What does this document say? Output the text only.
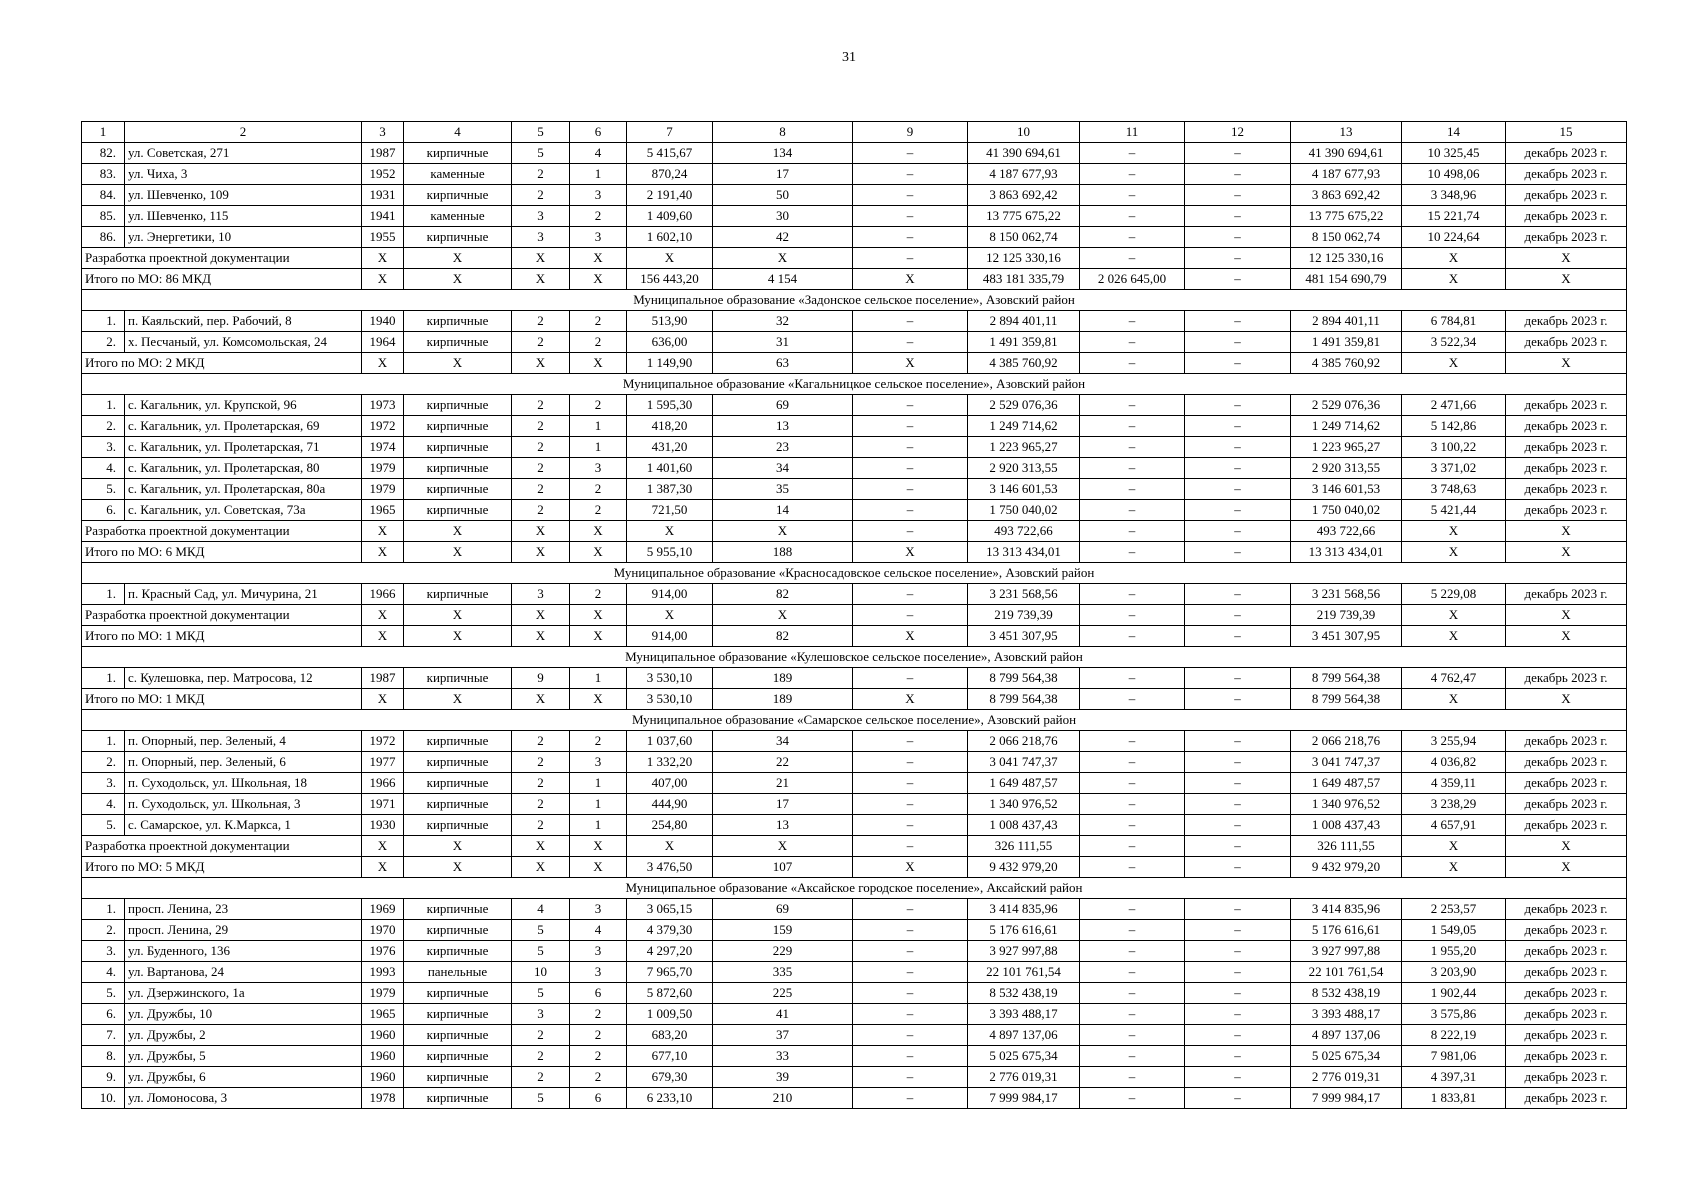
31
1	2	3	4	5	6	7	8	9	10	11	12	13	14	15
82.	ул. Советская, 271	1987	кирпичные	5	4	5 415,67	134	–	41 390 694,61	–	–	41 390 694,61	10 325,45	декабрь 2023 г.
83.	ул. Чиха, 3	1952	каменные	2	1	870,24	17	–	4 187 677,93	–	–	4 187 677,93	10 498,06	декабрь 2023 г.
84.	ул. Шевченко, 109	1931	кирпичные	2	3	2 191,40	50	–	3 863 692,42	–	–	3 863 692,42	3 348,96	декабрь 2023 г.
85.	ул. Шевченко, 115	1941	каменные	3	2	1 409,60	30	–	13 775 675,22	–	–	13 775 675,22	15 221,74	декабрь 2023 г.
86.	ул. Энергетики, 10	1955	кирпичные	3	3	1 602,10	42	–	8 150 062,74	–	–	8 150 062,74	10 224,64	декабрь 2023 г.
Разработка проектной документации		Х	Х	Х	Х	Х	Х	–	12 125 330,16	–	–	12 125 330,16	Х	Х
Итого по МО: 86 МКД		Х	Х	Х	Х	156 443,20	4 154	Х	483 181 335,79	2 026 645,00	–	481 154 690,79	Х	Х
Муниципальное образование «Задонское сельское поселение», Азовский район														
1.	п. Каяльский, пер. Рабочий, 8	1940	кирпичные	2	2	513,90	32	–	2 894 401,11	–	–	2 894 401,11	6 784,81	декабрь 2023 г.
2.	х. Песчаный, ул. Комсомольская, 24	1964	кирпичные	2	2	636,00	31	–	1 491 359,81	–	–	1 491 359,81	3 522,34	декабрь 2023 г.
Итого по МО: 2 МКД		Х	Х	Х	Х	1 149,90	63	Х	4 385 760,92	–	–	4 385 760,92	Х	Х
Муниципальное образование «Кагальницкое сельское поселение», Азовский район														
1.	с. Кагальник, ул. Крупской, 96	1973	кирпичные	2	2	1 595,30	69	–	2 529 076,36	–	–	2 529 076,36	2 471,66	декабрь 2023 г.
2.	с. Кагальник, ул. Пролетарская, 69	1972	кирпичные	2	1	418,20	13	–	1 249 714,62	–	–	1 249 714,62	5 142,86	декабрь 2023 г.
3.	с. Кагальник, ул. Пролетарская, 71	1974	кирпичные	2	1	431,20	23	–	1 223 965,27	–	–	1 223 965,27	3 100,22	декабрь 2023 г.
4.	с. Кагальник, ул. Пролетарская, 80	1979	кирпичные	2	3	1 401,60	34	–	2 920 313,55	–	–	2 920 313,55	3 371,02	декабрь 2023 г.
5.	с. Кагальник, ул. Пролетарская, 80а	1979	кирпичные	2	2	1 387,30	35	–	3 146 601,53	–	–	3 146 601,53	3 748,63	декабрь 2023 г.
6.	с. Кагальник, ул. Советская, 73а	1965	кирпичные	2	2	721,50	14	–	1 750 040,02	–	–	1 750 040,02	5 421,44	декабрь 2023 г.
Разработка проектной документации		Х	Х	Х	Х	Х	Х	–	493 722,66	–	–	493 722,66	Х	Х
Итого по МО: 6 МКД		Х	Х	Х	Х	5 955,10	188	Х	13 313 434,01	–	–	13 313 434,01	Х	Х
Муниципальное образование «Красносадовское сельское поселение», Азовский район														
1.	п. Красный Сад, ул. Мичурина, 21	1966	кирпичные	3	2	914,00	82	–	3 231 568,56	–	–	3 231 568,56	5 229,08	декабрь 2023 г.
Разработка проектной документации		Х	Х	Х	Х	Х	Х	–	219 739,39	–	–	219 739,39	Х	Х
Итого по МО: 1 МКД		Х	Х	Х	Х	914,00	82	Х	3 451 307,95	–	–	3 451 307,95	Х	Х
Муниципальное образование «Кулешовское сельское поселение», Азовский район														
1.	с. Кулешовка, пер. Матросова, 12	1987	кирпичные	9	1	3 530,10	189	–	8 799 564,38	–	–	8 799 564,38	4 762,47	декабрь 2023 г.
Итого по МО: 1 МКД		Х	Х	Х	Х	3 530,10	189	Х	8 799 564,38	–	–	8 799 564,38	Х	Х
Муниципальное образование «Самарское сельское поселение», Азовский район														
1.	п. Опорный, пер. Зеленый, 4	1972	кирпичные	2	2	1 037,60	34	–	2 066 218,76	–	–	2 066 218,76	3 255,94	декабрь 2023 г.
2.	п. Опорный, пер. Зеленый, 6	1977	кирпичные	2	3	1 332,20	22	–	3 041 747,37	–	–	3 041 747,37	4 036,82	декабрь 2023 г.
3.	п. Суходольск, ул. Школьная, 18	1966	кирпичные	2	1	407,00	21	–	1 649 487,57	–	–	1 649 487,57	4 359,11	декабрь 2023 г.
4.	п. Суходольск, ул. Школьная, 3	1971	кирпичные	2	1	444,90	17	–	1 340 976,52	–	–	1 340 976,52	3 238,29	декабрь 2023 г.
5.	с. Самарское, ул. К.Маркса, 1	1930	кирпичные	2	1	254,80	13	–	1 008 437,43	–	–	1 008 437,43	4 657,91	декабрь 2023 г.
Разработка проектной документации		Х	Х	Х	Х	Х	Х	–	326 111,55	–	–	326 111,55	Х	Х
Итого по МО: 5 МКД		Х	Х	Х	Х	3 476,50	107	Х	9 432 979,20	–	–	9 432 979,20	Х	Х
Муниципальное образование «Аксайское городское поселение», Аксайский район														
1.	просп. Ленина, 23	1969	кирпичные	4	3	3 065,15	69	–	3 414 835,96	–	–	3 414 835,96	2 253,57	декабрь 2023 г.
2.	просп. Ленина, 29	1970	кирпичные	5	4	4 379,30	159	–	5 176 616,61	–	–	5 176 616,61	1 549,05	декабрь 2023 г.
3.	ул. Буденного, 136	1976	кирпичные	5	3	4 297,20	229	–	3 927 997,88	–	–	3 927 997,88	1 955,20	декабрь 2023 г.
4.	ул. Вартанова, 24	1993	панельные	10	3	7 965,70	335	–	22 101 761,54	–	–	22 101 761,54	3 203,90	декабрь 2023 г.
5.	ул. Дзержинского, 1а	1979	кирпичные	5	6	5 872,60	225	–	8 532 438,19	–	–	8 532 438,19	1 902,44	декабрь 2023 г.
6.	ул. Дружбы, 10	1965	кирпичные	3	2	1 009,50	41	–	3 393 488,17	–	–	3 393 488,17	3 575,86	декабрь 2023 г.
7.	ул. Дружбы, 2	1960	кирпичные	2	2	683,20	37	–	4 897 137,06	–	–	4 897 137,06	8 222,19	декабрь 2023 г.
8.	ул. Дружбы, 5	1960	кирпичные	2	2	677,10	33	–	5 025 675,34	–	–	5 025 675,34	7 981,06	декабрь 2023 г.
9.	ул. Дружбы, 6	1960	кирпичные	2	2	679,30	39	–	2 776 019,31	–	–	2 776 019,31	4 397,31	декабрь 2023 г.
10.	ул. Ломоносова, 3	1978	кирпичные	5	6	6 233,10	210	–	7 999 984,17	–	–	7 999 984,17	1 833,81	декабрь 2023 г.
